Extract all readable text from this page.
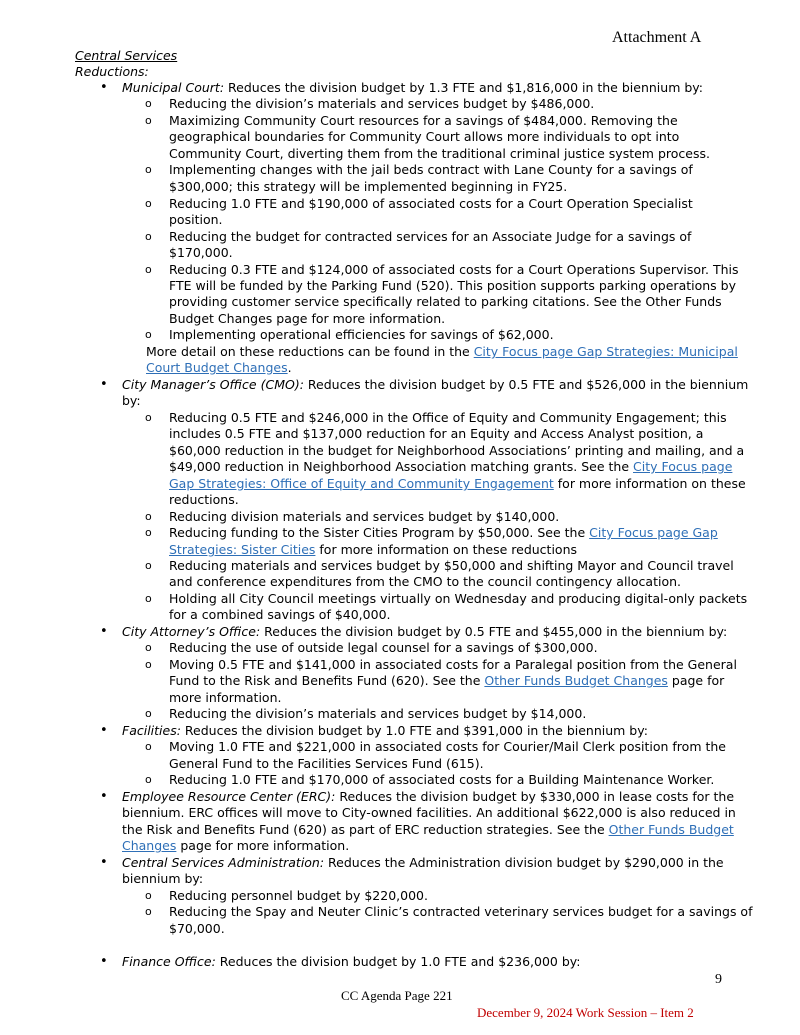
Attachment A
Central Services
Reductions:
• Municipal Court: Reduces the division budget by 1.3 FTE and $1,816,000 in the biennium by:
o Reducing the division’s materials and services budget by $486,000.
o Maximizing Community Court resources for a savings of $484,000. Removing the
geographical boundaries for Community Court allows more individuals to opt into
Community Court, diverting them from the traditional criminal justice system process.
o Implementing changes with the jail beds contract with Lane County for a savings of
$300,000; this strategy will be implemented beginning in FY25.
o Reducing 1.0 FTE and $190,000 of associated costs for a Court Operation Specialist
position.
o Reducing the budget for contracted services for an Associate Judge for a savings of
$170,000.
o Reducing 0.3 FTE and $124,000 of associated costs for a Court Operations Supervisor. This
FTE will be funded by the Parking Fund (520). This position supports parking operations by
providing customer service specifically related to parking citations. See the Other Funds
Budget Changes page for more information.
o Implementing operational efficiencies for savings of $62,000.
More detail on these reductions can be found in the City Focus page Gap Strategies: Municipal
Court Budget Changes.
• City Manager’s Office (CMO): Reduces the division budget by 0.5 FTE and $526,000 in the biennium
by:
o Reducing 0.5 FTE and $246,000 in the Office of Equity and Community Engagement; this
includes 0.5 FTE and $137,000 reduction for an Equity and Access Analyst position, a
$60,000 reduction in the budget for Neighborhood Associations’ printing and mailing, and a
$49,000 reduction in Neighborhood Association matching grants. See the City Focus page
Gap Strategies: Office of Equity and Community Engagement for more information on these
reductions.
o Reducing division materials and services budget by $140,000.
o Reducing funding to the Sister Cities Program by $50,000. See the City Focus page Gap
Strategies: Sister Cities for more information on these reductions
o Reducing materials and services budget by $50,000 and shifting Mayor and Council travel
and conference expenditures from the CMO to the council contingency allocation.
o Holding all City Council meetings virtually on Wednesday and producing digital-only packets
for a combined savings of $40,000.
• City Attorney’s Office: Reduces the division budget by 0.5 FTE and $455,000 in the biennium by:
o Reducing the use of outside legal counsel for a savings of $300,000.
o Moving 0.5 FTE and $141,000 in associated costs for a Paralegal position from the General
Fund to the Risk and Benefits Fund (620). See the Other Funds Budget Changes page for
more information.
o Reducing the division’s materials and services budget by $14,000.
• Facilities: Reduces the division budget by 1.0 FTE and $391,000 in the biennium by:
o Moving 1.0 FTE and $221,000 in associated costs for Courier/Mail Clerk position from the
General Fund to the Facilities Services Fund (615).
o Reducing 1.0 FTE and $170,000 of associated costs for a Building Maintenance Worker.
• Employee Resource Center (ERC): Reduces the division budget by $330,000 in lease costs for the
biennium. ERC offices will move to City-owned facilities. An additional $622,000 is also reduced in
the Risk and Benefits Fund (620) as part of ERC reduction strategies. See the Other Funds Budget
Changes page for more information.
• Central Services Administration: Reduces the Administration division budget by $290,000 in the
biennium by:
o Reducing personnel budget by $220,000.
o Reducing the Spay and Neuter Clinic’s contracted veterinary services budget for a savings of
$70,000.
• Finance Office: Reduces the division budget by 1.0 FTE and $236,000 by:
9
CC Agenda Page 221
December 9, 2024 Work Session – Item 2
